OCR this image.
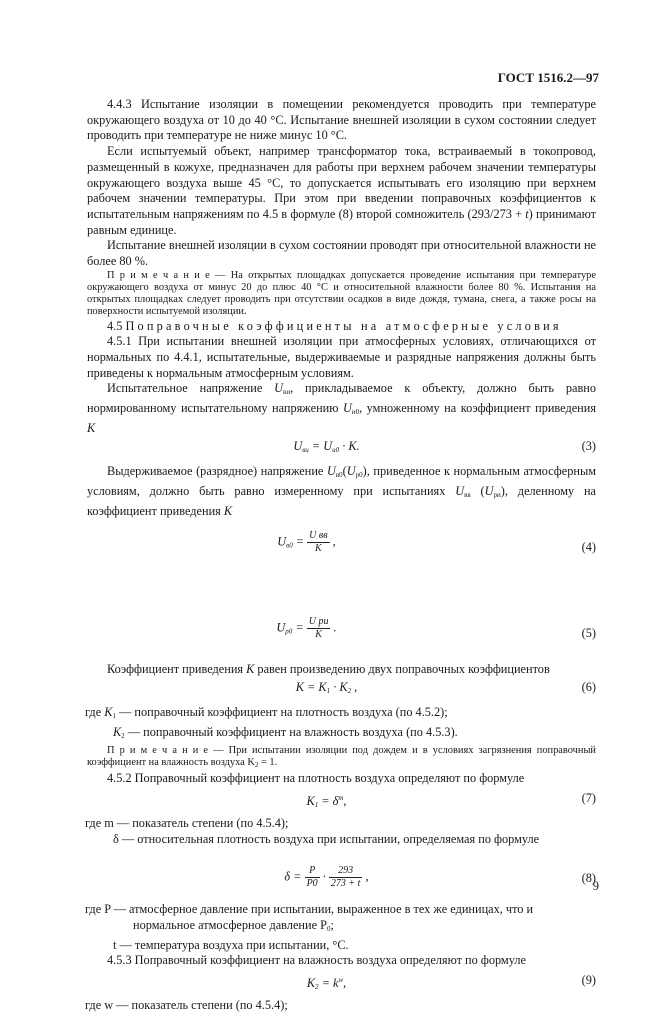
ГОСТ 1516.2—97

4.4.3 Испытание изоляции в помещении рекомендуется проводить при температуре окружающего воздуха от 10 до 40 °С. Испытание внешней изоляции в сухом состоянии следует проводить при температуре не ниже минус 10 °С.

Если испытуемый объект, например трансформатор тока, встраиваемый в токопровод, размещенный в кожухе, предназначен для работы при верхнем рабочем значении температуры окружающего воздуха выше 45 °С, то допускается испытывать его изоляцию при верхнем рабочем значении температуры. При этом при введении поправочных коэффициентов к испытательным напряжениям по 4.5 в формуле (8) второй сомножитель (293/273 + t) принимают равным единице.

Испытание внешней изоляции в сухом состоянии проводят при относительной влажности не более 80 %.

П р и м е ч а н и е — На открытых площадках допускается проведение испытания при температуре окружающего воздуха от минус 20 до плюс 40 °С и относительной влажности более 80 %. Испытания на открытых площадках следует проводить при отсутствии осадков в виде дождя, тумана, снега, а также росы на поверхности испытуемой изоляции.

4.5 Поправочные коэффициенты на атмосферные условия

4.5.1 При испытании внешней изоляции при атмосферных условиях, отличающихся от нормальных по 4.4.1, испытательные, выдерживаемые и разрядные напряжения должны быть приведены к нормальным атмосферным условиям.

Испытательное напряжение $U_{ви}$, прикладываемое к объекту, должно быть равно нормированному испытательному напряжению $U_{и0}$, умноженному на коэффициент приведения K

$U_{ви} = U_{и0} \cdot K$.	(3)

Выдерживаемое (разрядное) напряжение $U_{в0}(U_{р0})$, приведенное к нормальным атмосферным условиям, должно быть равно измеренному при испытаниях $U_{вв}$ $(U_{ри})$, деленному на коэффициент приведения K

$U_{в0} = \frac{\text{U вв}}{K}$ ,	(4)
$U_{р0} = \frac{\text{U ри}}{K}$ .	(5)

Коэффициент приведения K равен произведению двух поправочных коэффициентов

$K = K_1 \cdot K_2$ ,	(6)
где $K_1$ — поправочный коэффициент на плотность воздуха (по 4.5.2);
$K_2$ — поправочный коэффициент на влажность воздуха (по 4.5.3).

П р и м е ч а н и е — При испытании изоляции под дождем и в условиях загрязнения поправочный коэффициент на влажность воздуха $K_2 = 1$.

4.5.2 Поправочный коэффициент на плотность воздуха определяют по формуле

$K_1 = \delta^m$,	(7)
где m — показатель степени (по 4.5.4);
δ — относительная плотность воздуха при испытании, определяемая по формуле
$\delta = \frac{P}{P0} \cdot \frac{293}{273 + t}$ ,	(8)
где P — атмосферное давление при испытании, выраженное в тех же единицах, что и нормальное атмосферное давление $P_0$;
t — температура воздуха при испытании, °С.

4.5.3 Поправочный коэффициент на влажность воздуха определяют по формуле

$K_2 = k^w$,	(9)
где w — показатель степени (по 4.5.4);
9
